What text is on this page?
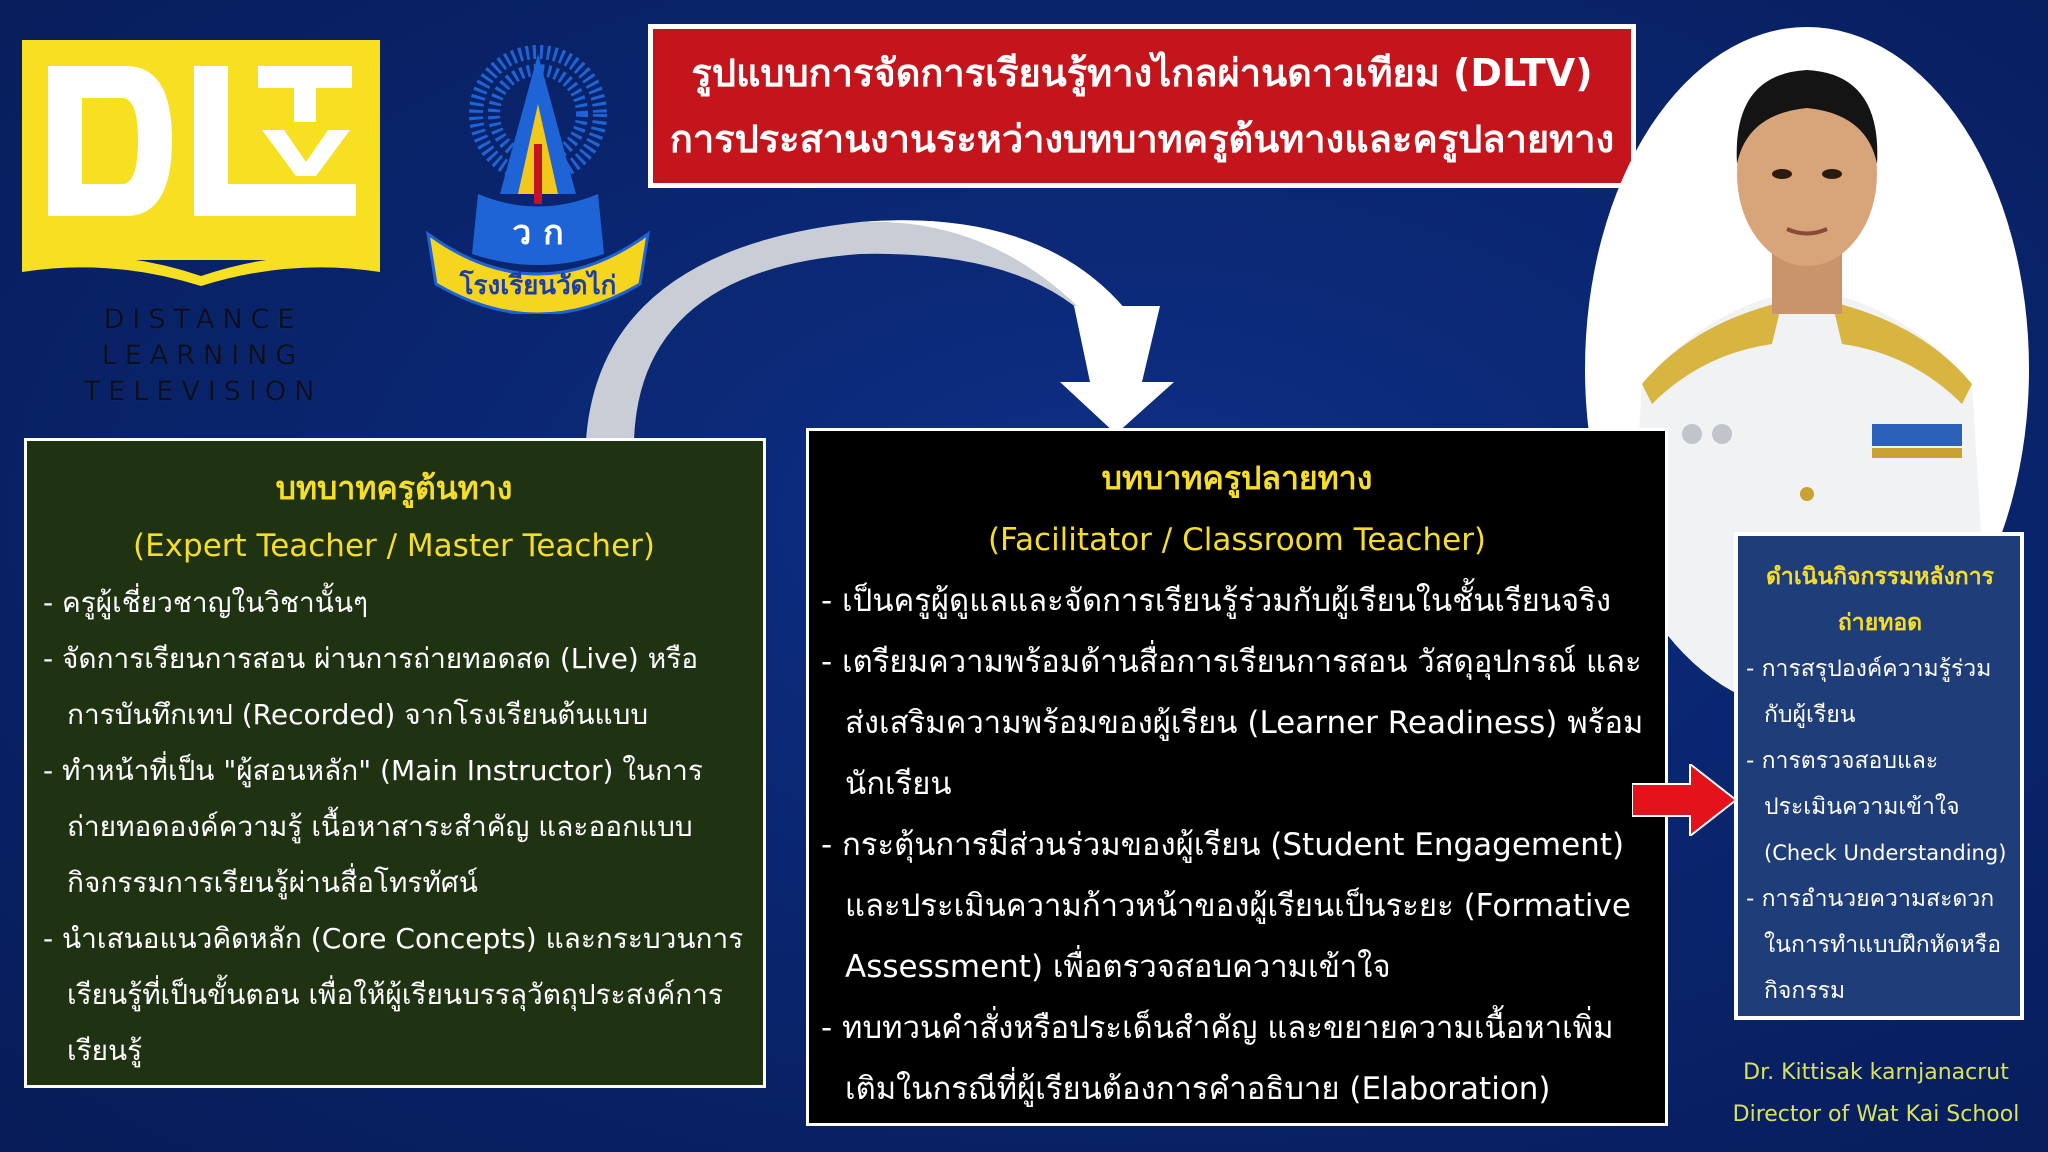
DISTANCE LEARNING
TELEVISION
ว ก
โรงเรียนวัดไก่
รูปแบบการจัดการเรียนรู้ทางไกลผ่านดาวเทียม (DLTV)
การประสานงานระหว่างบทบาทครูต้นทางและครูปลายทาง
บทบาทครูต้นทาง
(Expert Teacher / Master Teacher)
- ครูผู้เชี่ยวชาญในวิชานั้นๆ
- จัดการเรียนการสอน ผ่านการถ่ายทอดสด (Live) หรือการบันทึกเทป (Recorded) จากโรงเรียนต้นแบบ
- ทำหน้าที่เป็น "ผู้สอนหลัก" (Main Instructor) ในการถ่ายทอดองค์ความรู้ เนื้อหาสาระสำคัญ และออกแบบกิจกรรมการเรียนรู้ผ่านสื่อโทรทัศน์
- นำเสนอแนวคิดหลัก (Core Concepts) และกระบวนการเรียนรู้ที่เป็นขั้นตอน เพื่อให้ผู้เรียนบรรลุวัตถุประสงค์การเรียนรู้
บทบาทครูปลายทาง
(Facilitator / Classroom Teacher)
- เป็นครูผู้ดูแลและจัดการเรียนรู้ร่วมกับผู้เรียนในชั้นเรียนจริง
- เตรียมความพร้อมด้านสื่อการเรียนการสอน วัสดุอุปกรณ์ และส่งเสริมความพร้อมของผู้เรียน (Learner Readiness) พร้อมนักเรียน
- กระตุ้นการมีส่วนร่วมของผู้เรียน (Student Engagement) และประเมินความก้าวหน้าของผู้เรียนเป็นระยะ (Formative Assessment) เพื่อตรวจสอบความเข้าใจ
- ทบทวนคำสั่งหรือประเด็นสำคัญ และขยายความเนื้อหาเพิ่มเติมในกรณีที่ผู้เรียนต้องการคำอธิบาย (Elaboration)
ดำเนินกิจกรรมหลังการถ่ายทอด
- การสรุปองค์ความรู้ร่วมกับผู้เรียน
- การตรวจสอบและประเมินความเข้าใจ
(Check Understanding)
- การอำนวยความสะดวกในการทำแบบฝึกหัดหรือกิจกรรม
Dr. Kittisak karnjanacrut
Director of Wat Kai School
